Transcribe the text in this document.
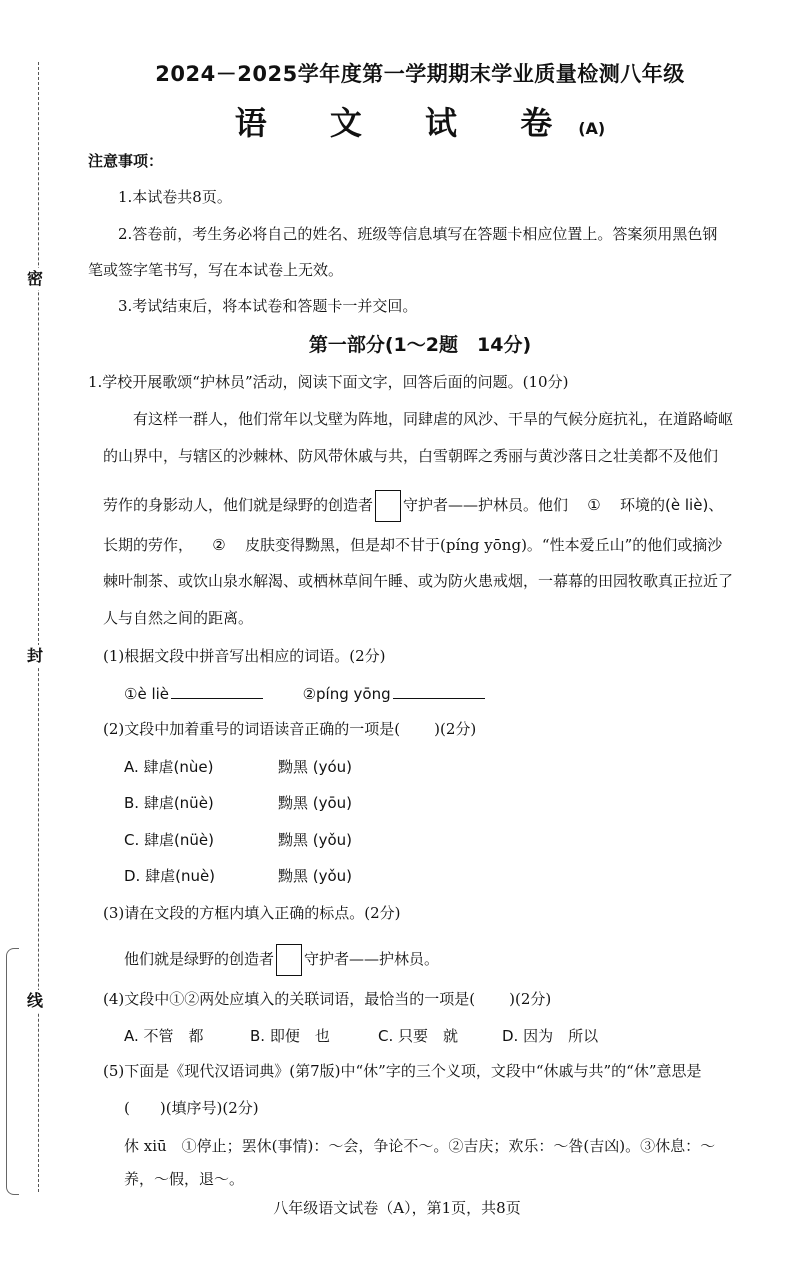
密
封
线
2024－2025学年度第一学期期末学业质量检测八年级
语 文 试 卷(A)
注意事项：
1.本试卷共8页。
2.答卷前，考生务必将自己的姓名、班级等信息填写在答题卡相应位置上。答案须用黑色钢
笔或签字笔书写，写在本试卷上无效。
3.考试结束后，将本试卷和答题卡一并交回。
第一部分(1～2题　14分)
1.学校开展歌颂“护林员”活动，阅读下面文字，回答后面的问题。(10分)
有这样一群人，他们常年以戈壁为阵地，同肆虐的风沙、干旱的气候分庭抗礼，在道路崎岖
的山界中，与辖区的沙棘林、防风带休戚与共，白雪朝晖之秀丽与黄沙落日之壮美都不及他们
劳作的身影动人，他们就是绿野的创造者 守护者——护林员。他们 ① 环境的(è liè)、
长期的劳作， ② 皮肤变得黝黑，但是却不甘于(píng yōng)。“性本爱丘山”的他们或摘沙
棘叶制茶、或饮山泉水解渴、或栖林草间午睡、或为防火患戒烟，一幕幕的田园牧歌真正拉近了
人与自然之间的距离。
(1)根据文段中拼音写出相应的词语。(2分)
①è liè	②píng yōng
(2)文段中加着重号的词语读音正确的一项是( )(2分)
A. 肆虐(nùe)	黝黑 (yóu)
B. 肆虐(nüè)	黝黑 (yōu)
C. 肆虐(nüè)	黝黑 (yǒu)
D. 肆虐(nuè)	黝黑 (yǒu)
(3)请在文段的方框内填入正确的标点。(2分)
他们就是绿野的创造者 守护者——护林员。
(4)文段中①②两处应填入的关联词语，最恰当的一项是( )(2分)
A. 不管　都	B. 即便　也	C. 只要　就	D. 因为　所以
(5)下面是《现代汉语词典》(第7版)中“休”字的三个义项，文段中“休戚与共”的“休”意思是
(　　)(填序号)(2分)
休 xiū　①停止；罢休(事情)：～会，争论不～。②吉庆；欢乐：～咎(吉凶)。③休息：～
养，～假，退～。
八年级语文试卷（A），第1页，共8页
